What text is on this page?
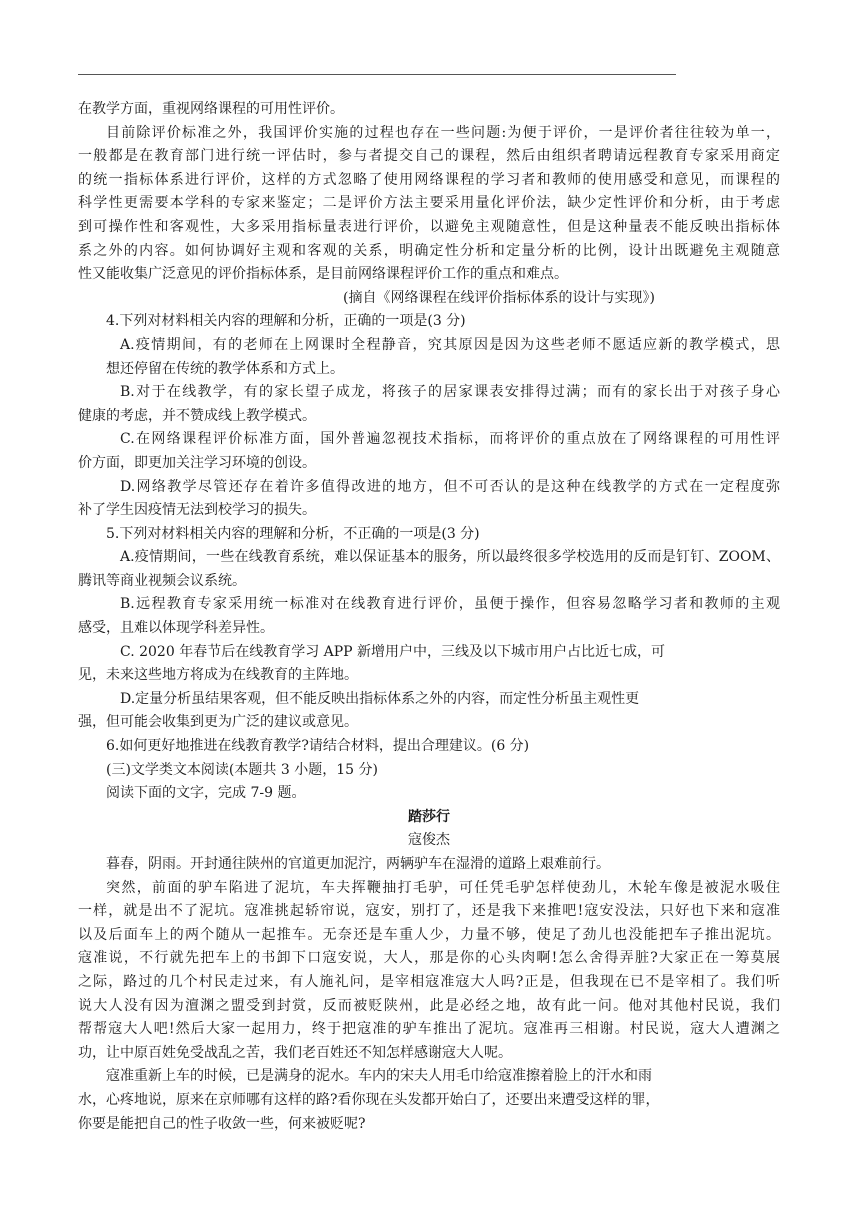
在教学方面，重视网络课程的可用性评价。
目前除评价标准之外，我国评价实施的过程也存在一些问题:为便于评价，一是评价者往往较为单一，
一般都是在教育部门进行统一评估时，参与者提交自己的课程，然后由组织者聘请远程教育专家采用商定
的统一指标体系进行评价，这样的方式忽略了使用网络课程的学习者和教师的使用感受和意见，而课程的
科学性更需要本学科的专家来鉴定；二是评价方法主要采用量化评价法，缺少定性评价和分析，由于考虑
到可操作性和客观性，大多采用指标量表进行评价，以避免主观随意性，但是这种量表不能反映出指标体
系之外的内容。如何协调好主观和客观的关系，明确定性分析和定量分析的比例，设计出既避免主观随意
性又能收集广泛意见的评价指标体系，是目前网络课程评价工作的重点和难点。
(摘自《网络课程在线评价指标体系的设计与实现》)
4.下列对材料相关内容的理解和分析，正确的一项是(3 分)
A.疫情期间，有的老师在上网课时全程静音，究其原因是因为这些老师不愿适应新的教学模式，思
想还停留在传统的教学体系和方式上。
B.对于在线教学，有的家长望子成龙，将孩子的居家课表安排得过满；而有的家长出于对孩子身心
健康的考虑，并不赞成线上教学模式。
C.在网络课程评价标准方面，国外普遍忽视技术指标，而将评价的重点放在了网络课程的可用性评
价方面，即更加关注学习环境的创设。
D.网络教学尽管还存在着许多值得改进的地方，但不可否认的是这种在线教学的方式在一定程度弥
补了学生因疫情无法到校学习的损失。
5.下列对材料相关内容的理解和分析，不正确的一项是(3 分)
A.疫情期间，一些在线教育系统，难以保证基本的服务，所以最终很多学校选用的反而是钉钉、ZOOM、
腾讯等商业视频会议系统。
B.远程教育专家采用统一标准对在线教育进行评价，虽便于操作，但容易忽略学习者和教师的主观
感受，且难以体现学科差异性。
C. 2020 年春节后在线教育学习 APP 新增用户中，三线及以下城市用户占比近七成，可
见，未来这些地方将成为在线教育的主阵地。
D.定量分析虽结果客观，但不能反映出指标体系之外的内容，而定性分析虽主观性更
强，但可能会收集到更为广泛的建议或意见。
6.如何更好地推进在线教育教学?请结合材料，提出合理建议。(6 分)
(三)文学类文本阅读(本题共 3 小题，15 分)
阅读下面的文字，完成 7-9 题。
踏莎行
寇俊杰
暮春，阴雨。开封通往陕州的官道更加泥泞，两辆驴车在湿滑的道路上艰难前行。
突然，前面的驴车陷进了泥坑，车夫挥鞭抽打毛驴，可任凭毛驴怎样使劲儿，木轮车像是被泥水吸住
一样，就是出不了泥坑。寇准挑起轿帘说，寇安，别打了，还是我下来推吧!寇安没法，只好也下来和寇准
以及后面车上的两个随从一起推车。无奈还是车重人少，力量不够，使足了劲儿也没能把车子推出泥坑。
寇准说，不行就先把车上的书卸下口寇安说，大人，那是你的心头肉啊!怎么舍得弄脏?大家正在一筹莫展
之际，路过的几个村民走过来，有人施礼问，是宰相寇准寇大人吗?正是，但我现在已不是宰相了。我们听
说大人没有因为澶渊之盟受到封赏，反而被贬陕州，此是必经之地，故有此一问。他对其他村民说，我们
帮帮寇大人吧!然后大家一起用力，终于把寇准的驴车推出了泥坑。寇准再三相谢。村民说，寇大人遭渊之
功，让中原百姓免受战乱之苦，我们老百姓还不知怎样感谢寇大人呢。
寇准重新上车的时候，已是满身的泥水。车内的宋夫人用毛巾给寇准擦着脸上的汗水和雨
水，心疼地说，原来在京师哪有这样的路?看你现在头发都开始白了，还要出来遭受这样的罪，
你要是能把自己的性子收敛一些，何来被贬呢?
